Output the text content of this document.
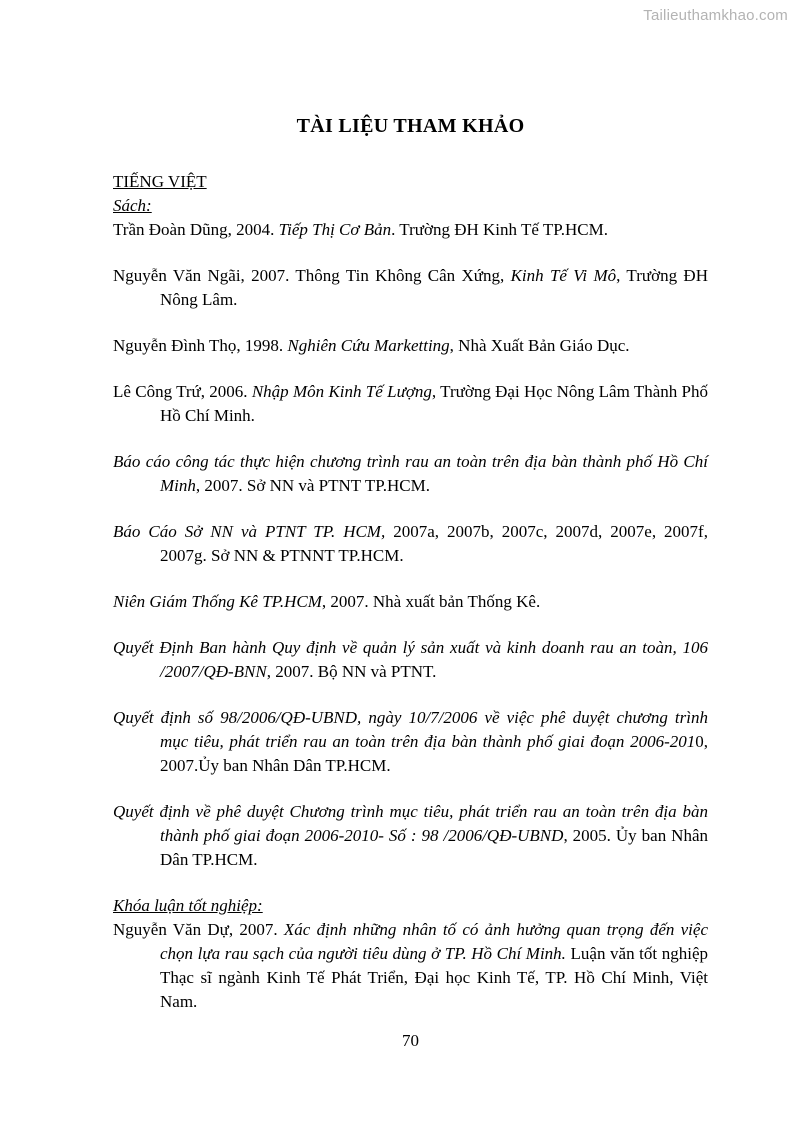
Tailieuthamkhao.com
TÀI LIỆU THAM KHẢO

TIẾNG VIỆT

Sách:

Trần Đoàn Dũng, 2004. Tiếp Thị Cơ Bản. Trường ĐH Kinh Tế TP.HCM.

Nguyễn Văn Ngãi, 2007. Thông Tin Không Cân Xứng, Kinh Tế Vi Mô, Trường ĐH Nông Lâm.

Nguyễn Đình Thọ, 1998. Nghiên Cứu Marketting, Nhà Xuất Bản Giáo Dục.

Lê Công Trứ, 2006. Nhập Môn Kinh Tế Lượng, Trường Đại Học Nông Lâm Thành Phố Hồ Chí Minh.

Báo cáo công tác thực hiện chương trình rau an toàn trên địa bàn thành phố Hồ Chí Minh, 2007. Sở NN và PTNT TP.HCM.

Báo Cáo Sở NN và PTNT TP. HCM, 2007a, 2007b, 2007c, 2007d, 2007e, 2007f, 2007g. Sở NN & PTNNT TP.HCM.

Niên Giám Thống Kê TP.HCM, 2007. Nhà xuất bản Thống Kê.

Quyết Định Ban hành Quy định về quản lý sản xuất và kinh doanh rau an toàn, 106 /2007/QĐ-BNN, 2007. Bộ NN và PTNT.

Quyết định số 98/2006/QĐ-UBND, ngày 10/7/2006 về việc phê duyệt chương trình mục tiêu, phát triển rau an toàn trên địa bàn thành phố giai đoạn 2006-2010, 2007.Ủy ban Nhân Dân TP.HCM.

Quyết định về phê duyệt Chương trình mục tiêu, phát triển rau an toàn trên địa bàn thành phố giai đoạn 2006-2010- Số : 98 /2006/QĐ-UBND, 2005. Ủy ban Nhân Dân TP.HCM.

Khóa luận tốt nghiệp:

Nguyễn Văn Dự, 2007. Xác định những nhân tố có ảnh hưởng quan trọng đến việc chọn lựa rau sạch của người tiêu dùng ở TP. Hồ Chí Minh. Luận văn tốt nghiệp Thạc sĩ ngành Kinh Tế Phát Triển, Đại học Kinh Tế, TP. Hồ Chí Minh, Việt Nam.

70
